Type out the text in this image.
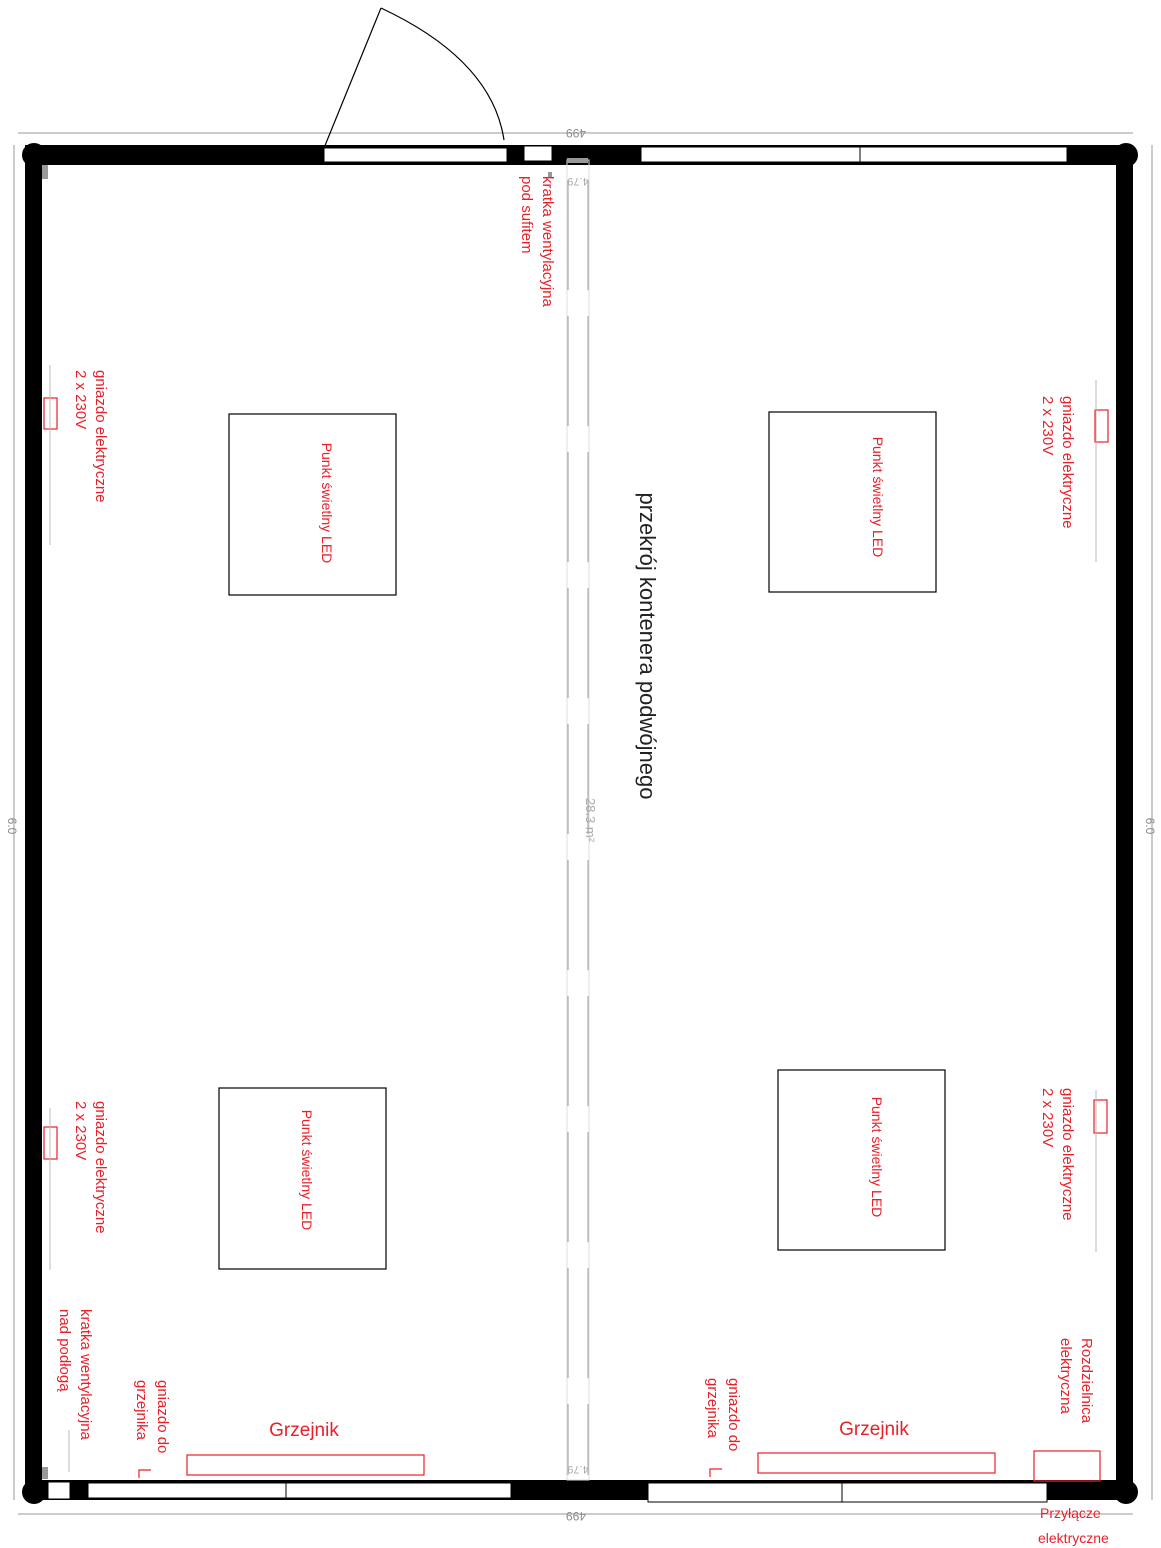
499
499
6.0	6.0
4.79
28.3 m²
4.79
przekrój kontenera podwójnego
Punkt świetlny LED	Punkt świetlny LED
Punkt świetlny LED	Punkt świetlny LED
gniazdo elektryczne
2 x 230V
gniazdo elektryczne
2 x 230V
gniazdo elektryczne
2 x 230V
gniazdo elektryczne
2 x 230V
kratka wentylacyjna
pod sufitem
kratka wentylacyjna
nad podłogą
Grzejnik	Grzejnik
gniazdo do
grzejnika	gniazdo do
grzejnika	Rozdzielnica
elektryczna
Przyłącze
elektryczne
